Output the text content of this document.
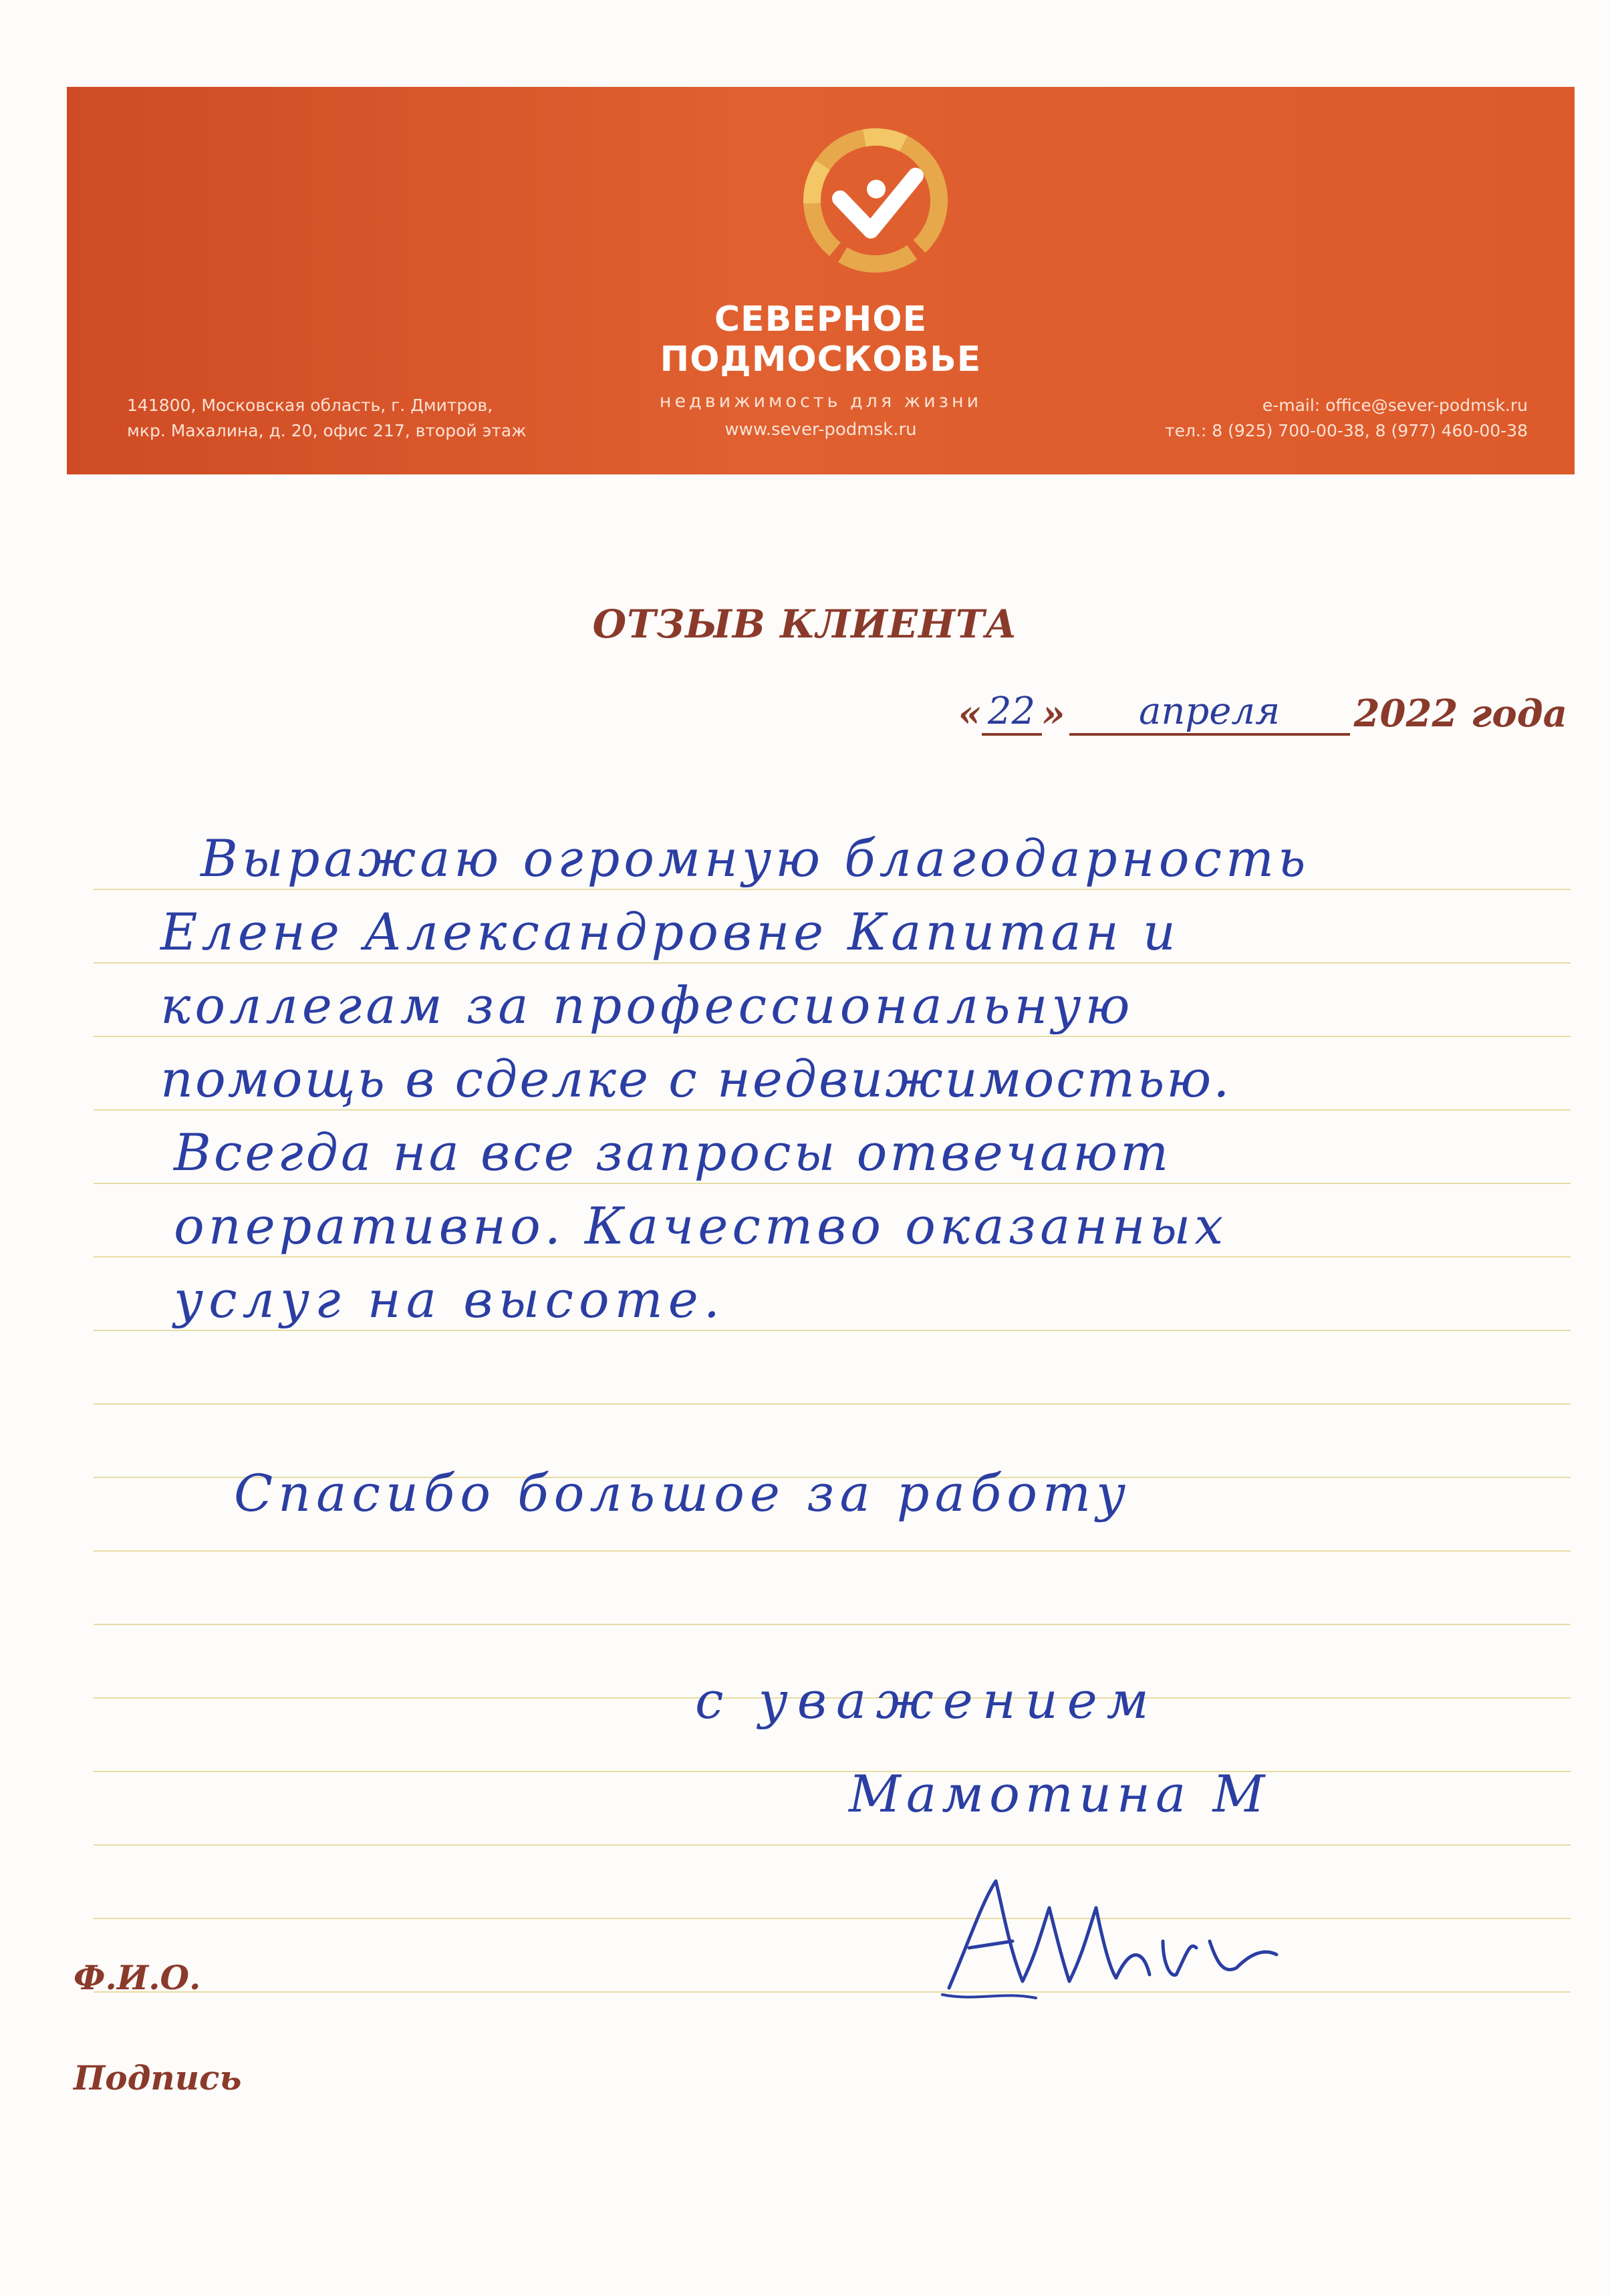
СЕВЕРНОЕ
ПОДМОСКОВЬЕ
недвижимость для жизни
www.sever-podmsk.ru
141800, Московская область, г. Дмитров,
мкр. Махалина, д. 20, офис 217, второй этаж
e-mail: office@sever-podmsk.ru
тел.: 8 (925) 700-00-38, 8 (977) 460-00-38
ОТЗЫВ КЛИЕНТА
« 22 » апреля 2022 года
Выражаю огромную благодарность
Елене Александровне Капитан и
коллегам за профессиональную
помощь в сделке с недвижимостью.
Всегда на все запросы отвечают
оперативно. Качество оказанных
услуг на высоте.
Спасибо большое за работу
с уважением
Мамотина М
Ф.И.О.
Подпись
